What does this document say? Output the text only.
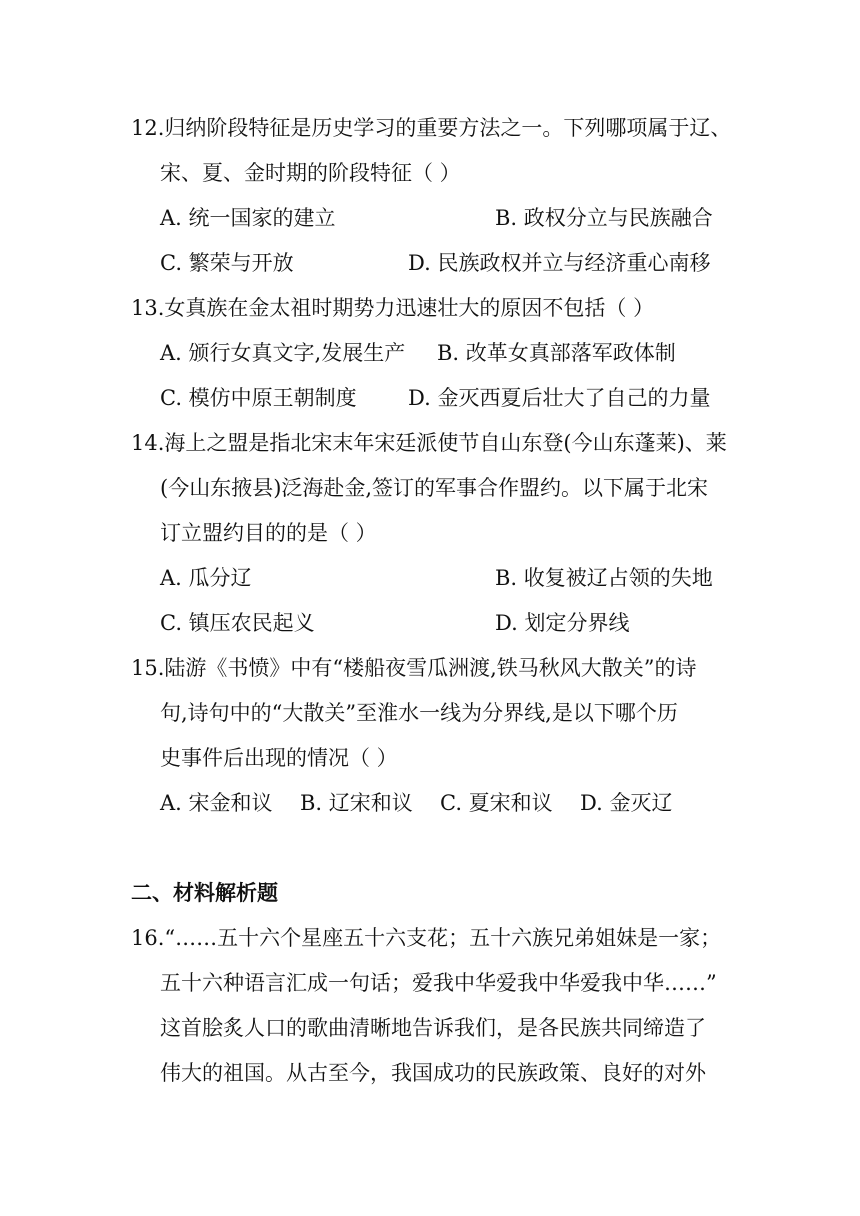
12.归纳阶段特征是历史学习的重要方法之一。下列哪项属于辽、
宋、夏、金时期的阶段特征（ ）
A. 统一国家的建立	B. 政权分立与民族融合
C. 繁荣与开放	D. 民族政权并立与经济重心南移
13.女真族在金太祖时期势力迅速壮大的原因不包括（ ）
A. 颁行女真文字,发展生产 B. 改革女真部落军政体制
C. 模仿中原王朝制度 D. 金灭西夏后壮大了自己的力量
14.海上之盟是指北宋末年宋廷派使节自山东登(今山东蓬莱)、莱
(今山东掖县)泛海赴金,签订的军事合作盟约。以下属于北宋
订立盟约目的的是（ ）
A. 瓜分辽	B. 收复被辽占领的失地
C. 镇压农民起义	D. 划定分界线
15.陆游《书愤》中有“楼船夜雪瓜洲渡,铁马秋风大散关”的诗
句,诗句中的“大散关”至淮水一线为分界线,是以下哪个历
史事件后出现的情况（ ）
A. 宋金和议 B. 辽宋和议 C. 夏宋和议 D. 金灭辽
二、材料解析题
16.“……五十六个星座五十六支花；五十六族兄弟姐妹是一家；
五十六种语言汇成一句话；爱我中华爱我中华爱我中华……”
这首脍炙人口的歌曲清晰地告诉我们，是各民族共同缔造了
伟大的祖国。从古至今，我国成功的民族政策、良好的对外
